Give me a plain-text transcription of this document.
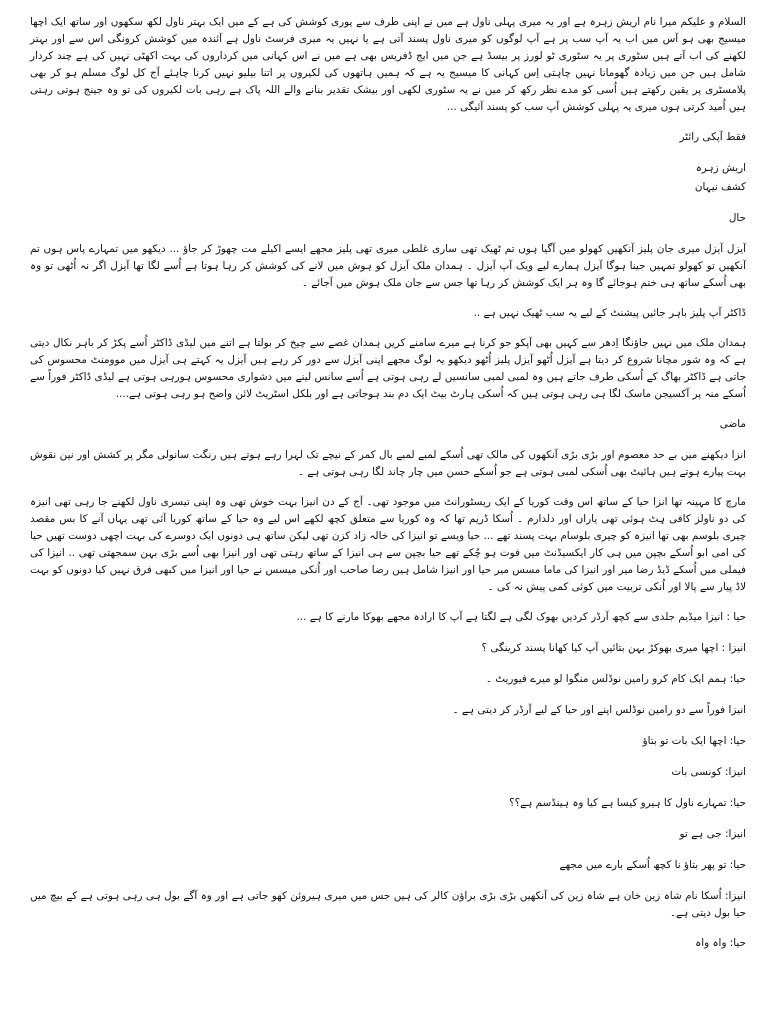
السلام و علیکم میرا نام اریش زہرہ ہے اور یہ میری پہلی ناول ہے میں نے اپنی طرف سے پوری کوشش کی ہے کے میں ایک بہتر ناول لکھ سکھوں اور ساتھ ایک اچھا میسیج بھی ہو آس میں اب یہ آپ سب پر ہے آپ لوگوں کو میری ناول پسند آتی ہے یا نہیں یہ میری فرسٹ ناول ہے آئندہ میں کوشش کرونگی اس سے اور بہتر لکھنے کی اب آتے ہیں سٹوری پر یہ سٹوری ٹو لورز پر بیسڈ ہے جن میں ایج ڈفریس بھی ہے میں نے اس کہانی میں کرداروں کی بہت اکھٹی نہیں کی ہے چند کردار شامل ہیں جن میں زیادہ گھومانا نہیں چاہتی اِس کہانی کا میسیج یہ ہے کہ ہمیں ہاتھوں کی لکیروں پر اتنا بیلیو نہیں کرنا چاہئے آج کل لوگ مسلم ہو کر بھی پلامسٹری پر یقین رکھتے ہیں اُسی کو مدے نظر رکھ کر میں نے یہ سٹوری لکھی اور بیشک تقدیر بنانے والے اللہ پاک ہے رہی بات لکیروں کی تو وہ جینج ہوتی رہتی ہیں اُمید کرتی ہوں میری یہ پہلی کوشش آپ سب کو پسند آئیگی ...

فقط آپکی رائٹر

اریش زہرہ

کشف نیہان

حال

آیزل آیزل میری جان پلیز آنکھیں کھولو میں آگیا ہوں تم ٹھیک تھی ساری غلطی میری تھی پلیز مجھے ایسے اکیلے مت چھوڑ کر جاؤ ... دیکھو میں تمہارے پاس ہوں تم آنکھیں تو کھولو تمہیں جینا ہوگا آیزل ہمارے لیے ویک آپ آیزل ۔ ہمدان ملک آیزل کو ہوش میں لانے کی کوشش کر رہا ہوتا ہے اُسے لگا تھا آیزل اگر نہ اُٹھی تو وہ بھی اُسکے ساتھ ہی ختم ہوجائے گا وہ ہر ایک کوشش کر رہا تھا جس سے جان ملک ہوش میں آجائے ۔

ڈاکٹر آپ پلیز باہر جائیں پیشنٹ کے لیے یہ سب ٹھیک نہیں ہے ..

ہمدان ملک میں نہیں جاؤنگا اِدھر سے کہیں بھی آپکو جو کرنا ہے میرے سامنے کریں ہمدان غصے سے چیخ کر بولتا ہے اتنے میں لیڈی ڈاکٹر اُسے پکڑ کر باہر نکال دیتی ہے کہ وہ شور مچانا شروع کر دیتا ہے آیزل اُٹھو آیزل پلیز اُٹھو دیکھو یہ لوگ مجھے اپنی آیزل سے دور کر رہے ہیں آیزل یہ کہتے ہی آیزل میں موومنٹ محسوس کی جاتی ہے ڈاکٹر بھاگ کے اُسکی طرف جاتے ہیں وہ لمبی لمبی سانسیں لے رہی ہوتی ہے اُسے سانس لینے میں دشواری محسوس ہورہی ہوتی ہے لیڈی ڈاکٹر فوراً سے اُسکے منہ پر آکسیجن ماسک لگا ہی رہی ہوتی ہیں کہ اُسکی ہارٹ بیٹ ایک دم بند ہوجاتی ہے اور بلکل اسٹریٹ لائن واضح ہو رہی ہوتی ہے....

ماضی

انزا دیکھنے میں بے حد معصوم اور بڑی بڑی آنکھوں کی مالک تھی اُسکے لمبے لمبے بال کمر کے نیچے تک لہرا رہے ہوتے ہیں رنگت سانولی مگر پر کشش اور نین نقوش بہت پیارے ہوتے ہیں ہائیٹ بھی اُسکی لمبی ہوتی ہے جو اُسکے حسن میں چار چاند لگا رہی ہوتی ہے ۔

مارچ کا مہینہ تھا انزا حیا کے ساتھ اس وقت کوریا کے ایک ریسٹورانٹ میں موجود تھی۔ آج کے دن انیزا بہت خوش تھی وہ اپنی تیسری ناول لکھنے جا رہی تھی انیزہ کی دو ناولز کافی ہِٹ ہوئی تھی یاراں اور دلدارم ۔ اُسکا ڈریم تھا کہ وہ کوریا سے متعلق کچھ لکھے اس لیے وہ حیا کے ساتھ کوریا آئی تھی یہاں آنے کا بس مقصد چیری بلوسم بھی تھا انیزہ کو چیری بلوسام بہت پسند تھے ... حیا ویسے تو انیزا کی خالہ زاد کزن تھی لیکن ساتھ ہی دونوں ایک دوسرے کی بہت اچھی دوست تھیں حیا کی امی ابو اُسکے بچپن میں ہی کار ایکسیڈنٹ میں فوت ہو چُکے تھے حیا بچپن سے ہی انیزا کے ساتھ رہتی تھی اور انیزا بھی اُسے بڑی بہن سمجھتی تھی .. انیزا کی فیملی میں اُسکے ڈیڈ رضا میر اور انیزا کی ماما مسس میر حیا اور انیزا شامل ہیں رضا صاحب اور اُنکی میسس نے حیا اور انیزا میں کبھی فرق نہیں کیا دونوں کو بہت لاڈ پیار سے پالا اور اُنکی تربیت میں کوئی کمی پیش نہ کی ۔

حیا : انیزا میڈیم جلدی سے کچھ آرڈر کردیں بھوک لگی ہے لگتا ہے آپ کا ارادہ مجھے بھوکا مارنے کا ہے ...

انیزا : اچھا میری بھوکڑ بہن بتائیں آپ کیا کھانا پسند کرینگی ؟

حیا: ہمم ایک کام کرو رامین نوڈلس منگوا لو میرے فیوریٹ ۔

انیزا فوراً سے دو رامین نوڈلس اپنے اور حیا کے لیے آرڈر کر دیتی ہے ۔

حیا: اچھا ایک بات تو بتاؤ

انیزا: کونسی بات

حیا: تمہارے ناول کا ہیرو کیسا ہے کیا وہ ہینڈسم ہے؟؟

انیزا: جی ہے تو

حیا: تو پھر بتاؤ نا کچھ اُسکے بارے میں مجھے

انیزا: اُسکا نام شاہ زین خان ہے شاہ زین کی آنکھیں بڑی بڑی براؤن کالر کی ہیں جس میں میری ہیروئن کھو جاتی ہے اور وہ آگے بول ہی رہی ہوتی ہے کے بیچ میں حیا بول دیتی ہے۔

حیا: واہ واہ
